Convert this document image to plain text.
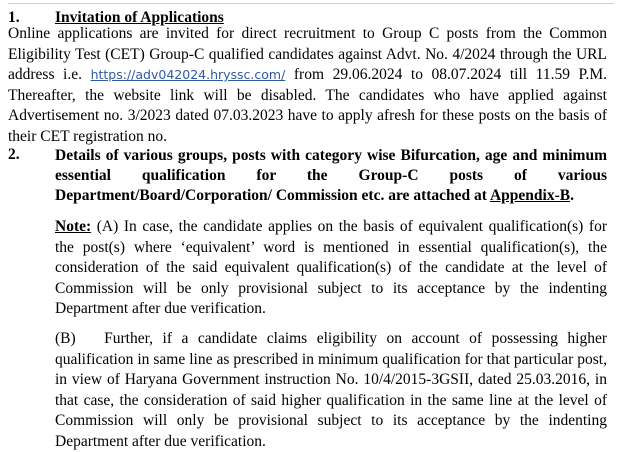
1. Invitation of Applications

Online applications are invited for direct recruitment to Group C posts from the Common Eligibility Test (CET) Group-C qualified candidates against Advt. No. 4/2024 through the URL address i.e. https://adv042024.hryssc.com/ from 29.06.2024 to 08.07.2024 till 11.59 P.M. Thereafter, the website link will be disabled. The candidates who have applied against Advertisement no. 3/2023 dated 07.03.2023 have to apply afresh for these posts on the basis of their CET registration no.

2. Details of various groups, posts with category wise Bifurcation, age and minimum
essential qualification for the Group-C posts of various
Department/Board/Corporation/ Commission etc. are attached at Appendix-B.

Note: (A) In case, the candidate applies on the basis of equivalent qualification(s) for the post(s) where ‘equivalent’ word is mentioned in essential qualification(s), the consideration of the said equivalent qualification(s) of the candidate at the level of Commission will be only provisional subject to its acceptance by the indenting Department after due verification.

(B)   Further, if a candidate claims eligibility on account of possessing higher qualification in same line as prescribed in minimum qualification for that particular post, in view of Haryana Government instruction No. 10/4/2015-3GSII, dated 25.03.2016, in that case, the consideration of said higher qualification in the same line at the level of Commission will only be provisional subject to its acceptance by the indenting Department after due verification.
